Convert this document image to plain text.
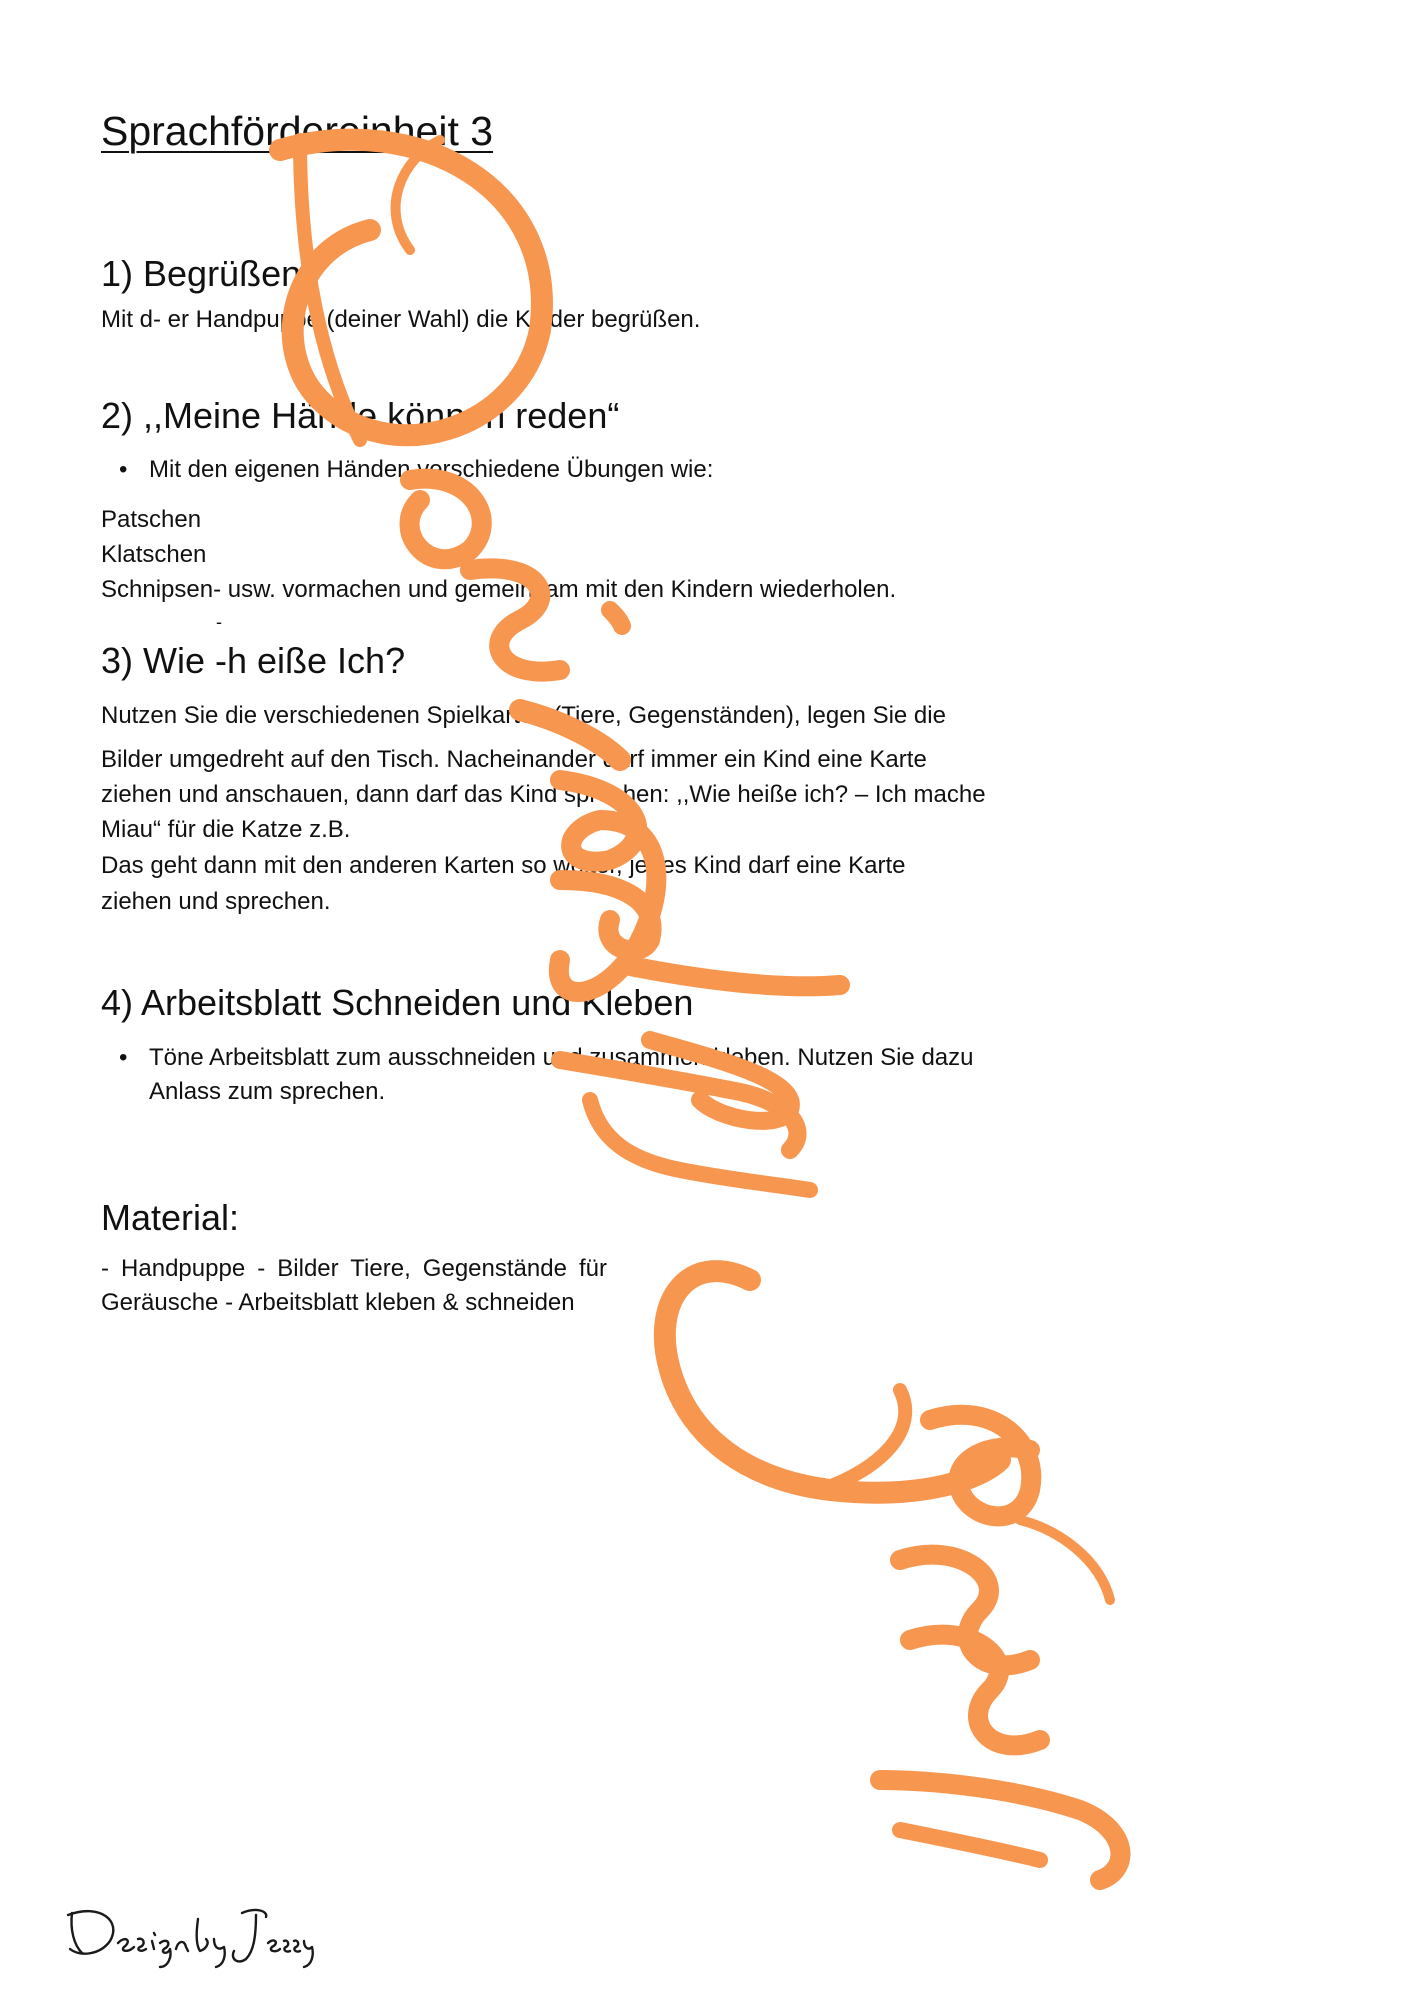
Sprachfördereinheit 3
1) Begrüßen:

Mit d- er Handpuppe (deiner Wahl) die Kinder begrüßen.

2) ,,Meine Hände können reden“
• Mit den eigenen Händen verschiedene Übungen wie:

Patschen

Klatschen

Schnipsen- usw. vormachen und gemeinsam mit den Kindern wiederholen.

-
3) Wie -h eiße Ich?

Nutzen Sie die verschiedenen Spielkarten (Tiere, Gegenständen), legen Sie die

Bilder umgedreht auf den Tisch. Nacheinander darf immer ein Kind eine Karte

ziehen und anschauen, dann darf das Kind sprechen: ,,Wie heiße ich? – Ich mache

Miau“ für die Katze z.B.

Das geht dann mit den anderen Karten so weiter, jedes Kind darf eine Karte

ziehen und sprechen.

4) Arbeitsblatt Schneiden und Kleben
• Töne Arbeitsblatt zum ausschneiden und zusammen kleben. Nutzen Sie dazu
Anlass zum sprechen.
Material:

- Handpuppe - Bilder Tiere, Gegenstände für Geräusche - Arbeitsblatt kleben & schneiden
